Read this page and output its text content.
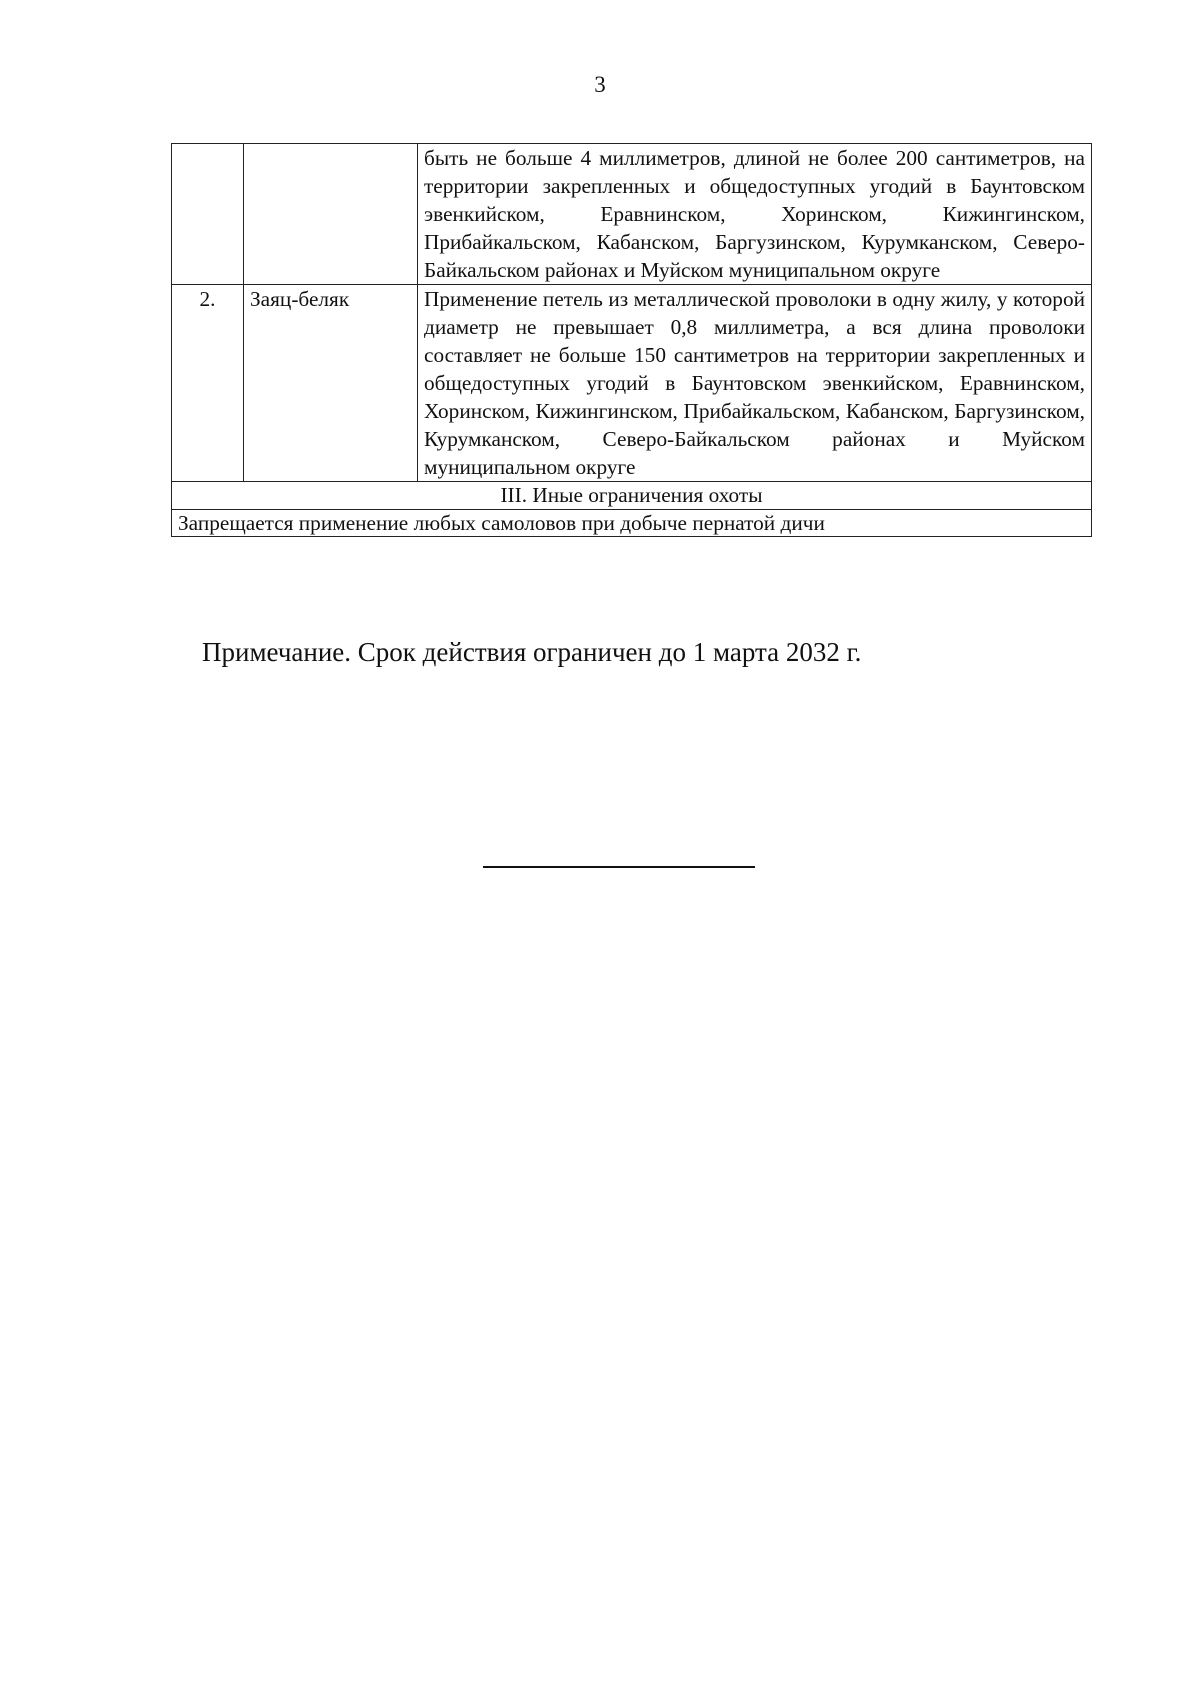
3
		быть не больше 4 миллиметров, длиной не более 200 сантиметров, на территории закрепленных и общедоступных угодий в Баунтовском эвенкийском, Еравнинском, Хоринском, Кижингинском, Прибайкальском, Кабанском, Баргузинском, Курумканском, Северо-Байкальском районах и Муйском муниципальном округе
2.	Заяц-беляк	Применение петель из металлической проволоки в одну жилу, у которой диаметр не превышает 0,8 миллиметра, а вся длина проволоки составляет не больше 150 сантиметров на территории закрепленных и общедоступных угодий в Баунтовском эвенкийском, Еравнинском, Хоринском, Кижингинском, Прибайкальском, Кабанском, Баргузинском, Курумканском, Северо-Байкальском районах и Муйском муниципальном округе
III. Иные ограничения охоты		
Запрещается применение любых самоловов при добыче пернатой дичи		
Примечание. Срок действия ограничен до 1 марта 2032 г.
